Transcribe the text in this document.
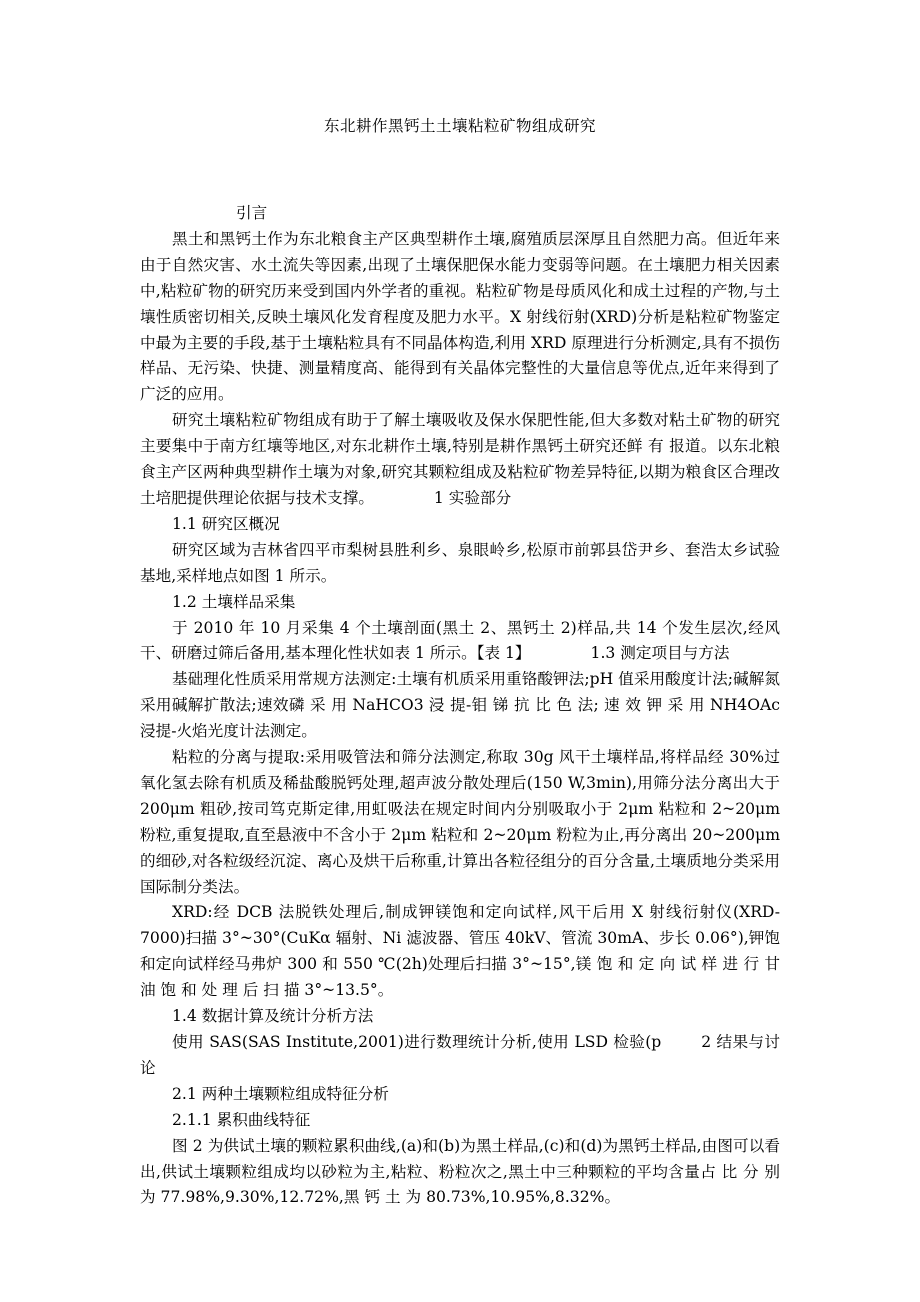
东北耕作黑钙土土壤粘粒矿物组成研究

引言

黑土和黑钙土作为东北粮食主产区典型耕作土壤,腐殖质层深厚且自然肥力高。但近年来由于自然灾害、水土流失等因素,出现了土壤保肥保水能力变弱等问题。在土壤肥力相关因素中,粘粒矿物的研究历来受到国内外学者的重视。粘粒矿物是母质风化和成土过程的产物,与土壤性质密切相关,反映土壤风化发育程度及肥力水平。X 射线衍射(XRD)分析是粘粒矿物鉴定中最为主要的手段,基于土壤粘粒具有不同晶体构造,利用 XRD 原理进行分析测定,具有不损伤样品、无污染、快捷、测量精度高、能得到有关晶体完整性的大量信息等优点,近年来得到了广泛的应用。

研究土壤粘粒矿物组成有助于了解土壤吸收及保水保肥性能,但大多数对粘土矿物的研究主要集中于南方红壤等地区,对东北耕作土壤,特别是耕作黑钙土研究还鲜 有 报道。以东北粮食主产区两种典型耕作土壤为对象,研究其颗粒组成及粘粒矿物差异特征,以期为粮食区合理改土培肥提供理论依据与技术支撑。	1 实验部分

1.1 研究区概况

研究区域为吉林省四平市梨树县胜利乡、泉眼岭乡,松原市前郭县岱尹乡、套浩太乡试验基地,采样地点如图 1 所示。

1.2 土壤样品采集

于 2010 年 10 月采集 4 个土壤剖面(黑土 2、黑钙土 2)样品,共 14 个发生层次,经风干、研磨过筛后备用,基本理化性状如表 1 所示。【表 1】	1.3 测定项目与方法

基础理化性质采用常规方法测定:土壤有机质采用重铬酸钾法;pH 值采用酸度计法;碱解氮采用碱解扩散法;速效磷 采 用 NaHCO3 浸 提-钼 锑 抗 比 色 法; 速 效 钾 采 用 NH4OAc 浸提-火焰光度计法测定。

粘粒的分离与提取:采用吸管法和筛分法测定,称取 30g 风干土壤样品,将样品经 30%过氧化氢去除有机质及稀盐酸脱钙处理,超声波分散处理后(150 W,3min),用筛分法分离出大于 200μm 粗砂,按司笃克斯定律,用虹吸法在规定时间内分别吸取小于 2μm 粘粒和 2~20μm 粉粒,重复提取,直至悬液中不含小于 2μm 粘粒和 2~20μm 粉粒为止,再分离出 20~200μm 的细砂,对各粒级经沉淀、离心及烘干后称重,计算出各粒径组分的百分含量,土壤质地分类采用国际制分类法。

XRD:经 DCB 法脱铁处理后,制成钾镁饱和定向试样,风干后用 X 射线衍射仪(XRD-7000)扫描 3°~30°(CuKα 辐射、Ni 滤波器、管压 40kV、管流 30mA、步长 0.06°),钾饱和定向试样经马弗炉 300 和 550 ℃(2h)处理后扫描 3°~15°,镁 饱 和 定 向 试 样 进 行 甘 油 饱 和 处 理 后 扫 描 3°~13.5°。

1.4 数据计算及统计分析方法

使用 SAS(SAS Institute,2001)进行数理统计分析,使用 LSD 检验(p	2 结果与讨论

2.1 两种土壤颗粒组成特征分析

2.1.1 累积曲线特征

图 2 为供试土壤的颗粒累积曲线,(a)和(b)为黑土样品,(c)和(d)为黑钙土样品,由图可以看出,供试土壤颗粒组成均以砂粒为主,粘粒、粉粒次之,黑土中三种颗粒的平均含量占 比 分 别 为 77.98%,9.30%,12.72%,黑 钙 土 为 80.73%,10.95%,8.32%。
